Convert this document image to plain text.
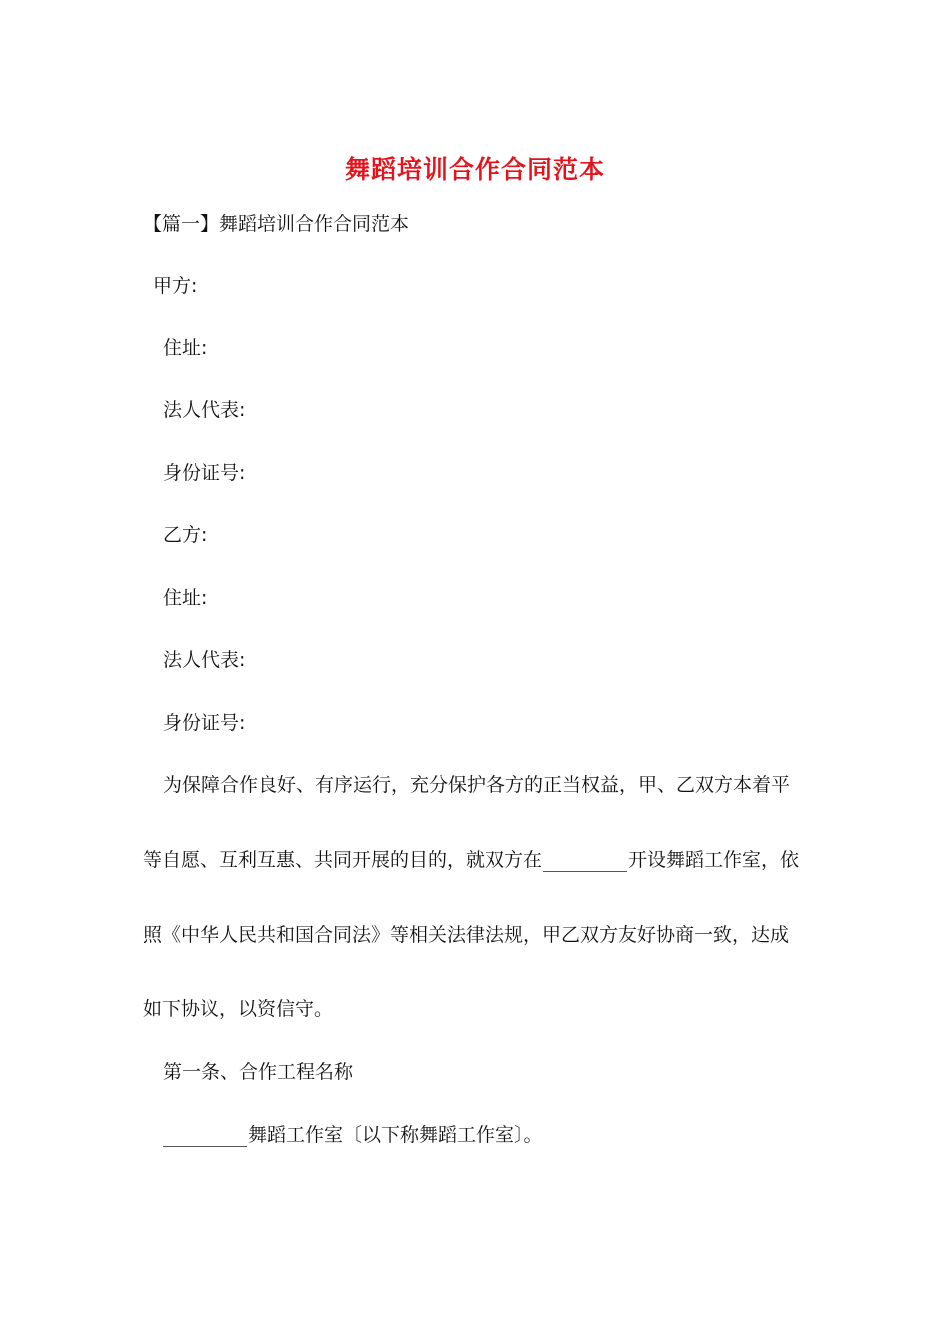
舞蹈培训合作合同范本
【篇一】舞蹈培训合作合同范本
甲方:
住址:
法人代表:
身份证号:
乙方:
住址:
法人代表:
身份证号:
为保障合作良好、有序运行，充分保护各方的正当权益，甲、乙双方本着平
等自愿、互利互惠、共同开展的目的，就双方在	开设舞蹈工作室，依
照《中华人民共和国合同法》等相关法律法规，甲乙双方友好协商一致，达成
如下协议，以资信守。
第一条、合作工程名称
舞蹈工作室〔以下称舞蹈工作室〕。
